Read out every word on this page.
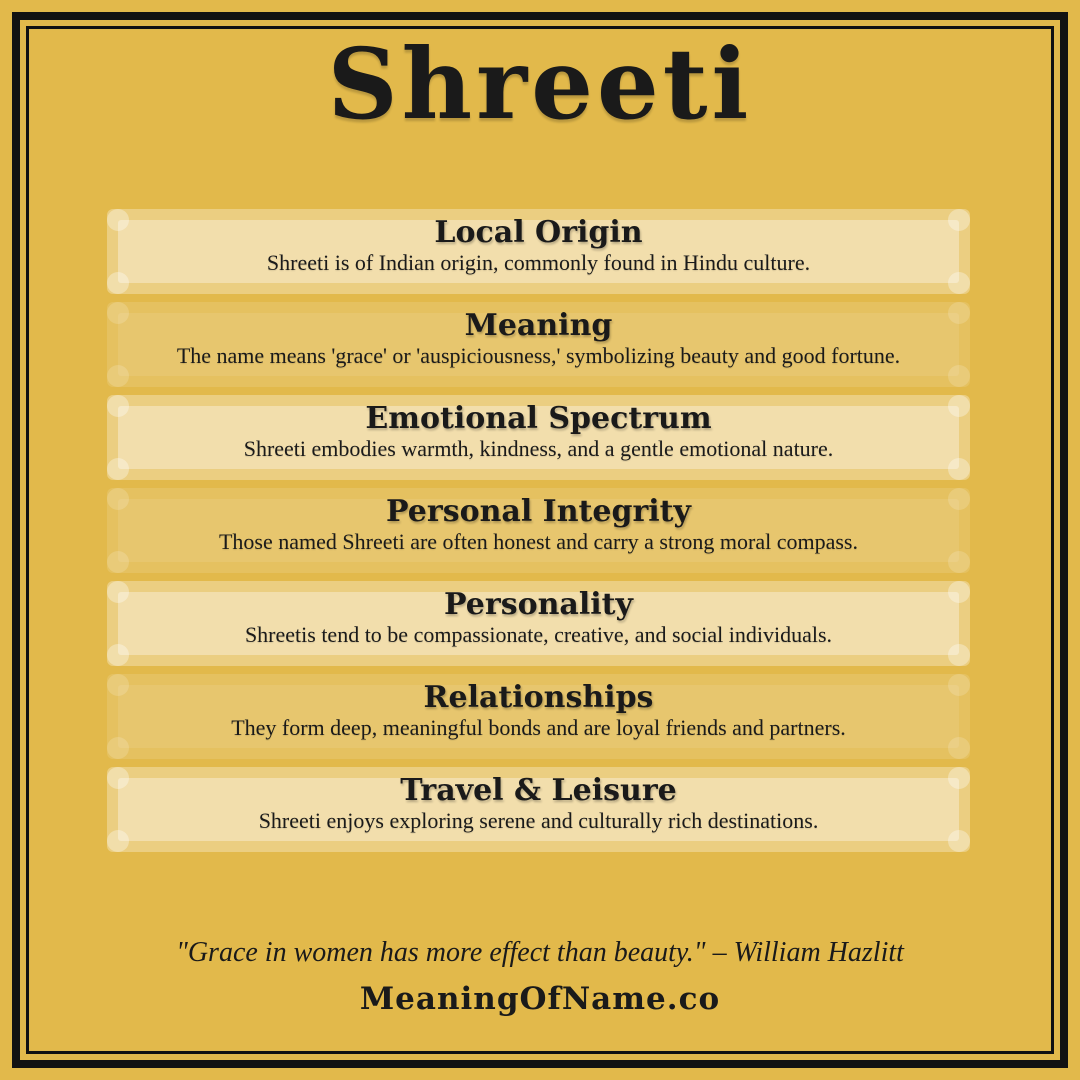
Shreeti
Local Origin

Shreeti is of Indian origin, commonly found in Hindu culture.

Meaning

The name means 'grace' or 'auspiciousness,' symbolizing beauty and good fortune.

Emotional Spectrum

Shreeti embodies warmth, kindness, and a gentle emotional nature.

Personal Integrity

Those named Shreeti are often honest and carry a strong moral compass.

Personality

Shreetis tend to be compassionate, creative, and social individuals.

Relationships

They form deep, meaningful bonds and are loyal friends and partners.

Travel & Leisure

Shreeti enjoys exploring serene and culturally rich destinations.

"Grace in women has more effect than beauty." – William Hazlitt
MeaningOfName.co
